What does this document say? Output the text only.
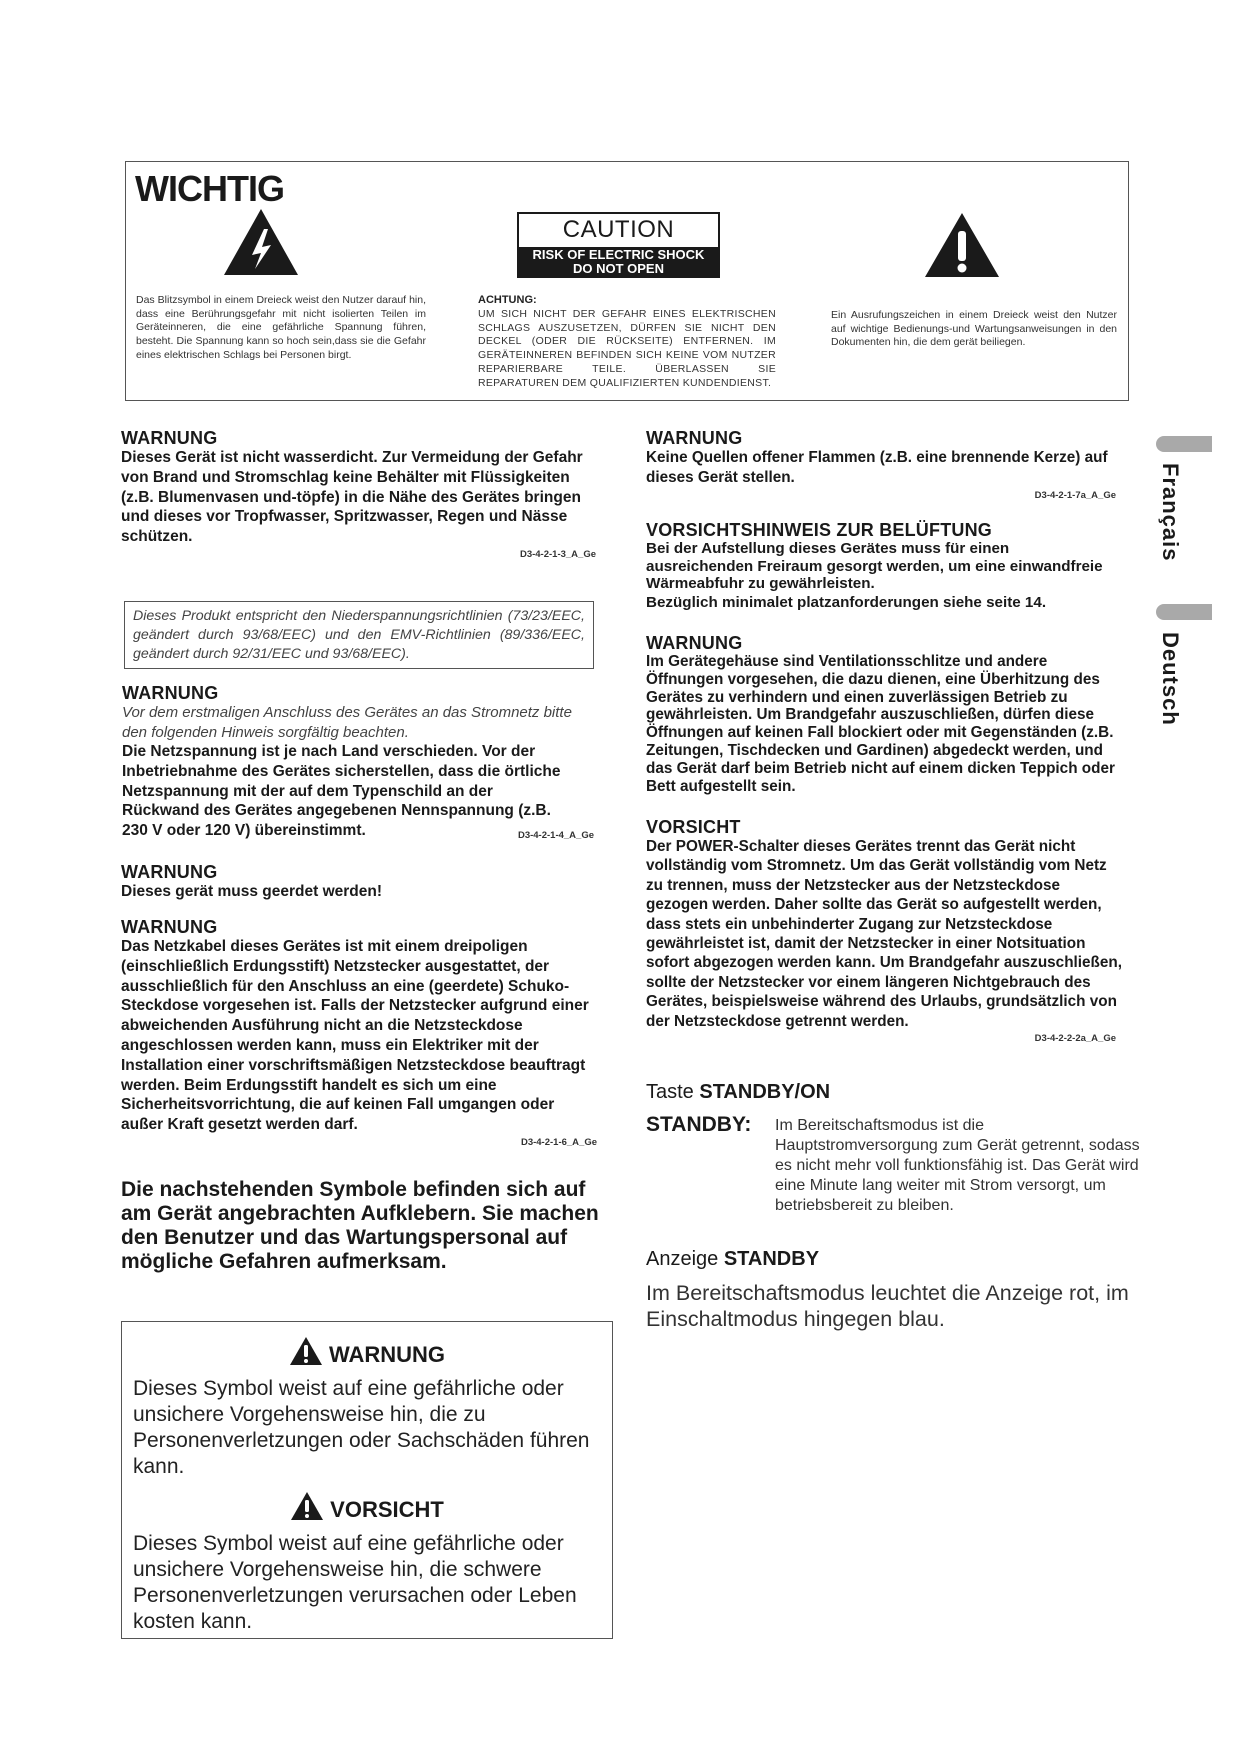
WICHTIG
CAUTION
RISK OF ELECTRIC SHOCK
DO NOT OPEN
Das Blitzsymbol in einem Dreieck weist den Nutzer darauf hin, dass eine Berührungsgefahr mit nicht isolierten Teilen im Geräteinneren, die eine gefährliche Spannung führen, besteht. Die Spannung kann so hoch sein,dass sie die Gefahr eines elektrischen Schlags bei Personen birgt.
ACHTUNG:
UM SICH NICHT DER GEFAHR EINES ELEKTRISCHEN SCHLAGS AUSZUSETZEN, DÜRFEN SIE NICHT DEN DECKEL (ODER DIE RÜCKSEITE) ENTFERNEN. IM GERÄTEINNEREN BEFINDEN SICH KEINE VOM NUTZER REPARIERBARE TEILE. ÜBERLASSEN SIE REPARATUREN DEM QUALIFIZIERTEN KUNDENDIENST.
Ein Ausrufungszeichen in einem Dreieck weist den Nutzer auf wichtige Bedienungs-und Wartungsanweisungen in den Dokumenten hin, die dem gerät beiliegen.

WARNUNG

Dieses Gerät ist nicht wasserdicht. Zur Vermeidung der Gefahr von Brand und Stromschlag keine Behälter mit Flüssigkeiten (z.B. Blumenvasen und-töpfe) in die Nähe des Gerätes bringen und dieses vor Tropfwasser, Spritzwasser, Regen und Nässe schützen.

D3-4-2-1-3_A_Ge

Dieses Produkt entspricht den Niederspannungsrichtlinien (73/23/EEC, geändert durch 93/68/EEC) und den EMV-Richtlinien (89/336/EEC, geändert durch 92/31/EEC und 93/68/EEC).

WARNUNG

Vor dem erstmaligen Anschluss des Gerätes an das Stromnetz bitte den folgenden Hinweis sorgfältig beachten.

Die Netzspannung ist je nach Land verschieden. Vor der Inbetriebnahme des Gerätes sicherstellen, dass die örtliche Netzspannung mit der auf dem Typenschild an der Rückwand des Gerätes angegebenen Nennspannung (z.B. 230 V oder 120 V) übereinstimmt.	D3-4-2-1-4_A_Ge

WARNUNG

Dieses gerät muss geerdet werden!

WARNUNG

Das Netzkabel dieses Gerätes ist mit einem dreipoligen (einschließlich Erdungsstift) Netzstecker ausgestattet, der ausschließlich für den Anschluss an eine (geerdete) Schuko-Steckdose vorgesehen ist. Falls der Netzstecker aufgrund einer abweichenden Ausführung nicht an die Netzsteckdose angeschlossen werden kann, muss ein Elektriker mit der Installation einer vorschriftsmäßigen Netzsteckdose beauftragt werden. Beim Erdungsstift handelt es sich um eine Sicherheitsvorrichtung, die auf keinen Fall umgangen oder außer Kraft gesetzt werden darf.

D3-4-2-1-6_A_Ge

Die nachstehenden Symbole befinden sich auf am Gerät angebrachten Aufklebern. Sie machen den Benutzer und das Wartungspersonal auf mögliche Gefahren aufmerksam.

WARNUNG
Dieses Symbol weist auf eine gefährliche oder unsichere Vorgehensweise hin, die zu Personenverletzungen oder Sachschäden führen kann.
VORSICHT
Dieses Symbol weist auf eine gefährliche oder unsichere Vorgehensweise hin, die schwere Personenverletzungen verursachen oder Leben kosten kann.

WARNUNG

Keine Quellen offener Flammen (z.B. eine brennende Kerze) auf dieses Gerät stellen.

D3-4-2-1-7a_A_Ge

VORSICHTSHINWEIS ZUR BELÜFTUNG

Bei der Aufstellung dieses Gerätes muss für einen ausreichenden Freiraum gesorgt werden, um eine einwandfreie Wärmeabfuhr zu gewährleisten.

Bezüglich minimalet platzanforderungen siehe seite 14.

WARNUNG

Im Gerätegehäuse sind Ventilationsschlitze und andere Öffnungen vorgesehen, die dazu dienen, eine Überhitzung des Gerätes zu verhindern und einen zuverlässigen Betrieb zu gewährleisten. Um Brandgefahr auszuschließen, dürfen diese Öffnungen auf keinen Fall blockiert oder mit Gegenständen (z.B. Zeitungen, Tischdecken und Gardinen) abgedeckt werden, und das Gerät darf beim Betrieb nicht auf einem dicken Teppich oder Bett aufgestellt sein.

VORSICHT

Der POWER-Schalter dieses Gerätes trennt das Gerät nicht vollständig vom Stromnetz. Um das Gerät vollständig vom Netz zu trennen, muss der Netzstecker aus der Netzsteckdose gezogen werden. Daher sollte das Gerät so aufgestellt werden, dass stets ein unbehinderter Zugang zur Netzsteckdose gewährleistet ist, damit der Netzstecker in einer Notsituation sofort abgezogen werden kann. Um Brandgefahr auszuschließen, sollte der Netzstecker vor einem längeren Nichtgebrauch des Gerätes, beispielsweise während des Urlaubs, grundsätzlich von der Netzsteckdose getrennt werden.

D3-4-2-2-2a_A_Ge

Taste STANDBY/ON
STANDBY: Im Bereitschaftsmodus ist die Hauptstromversorgung zum Gerät getrennt, sodass es nicht mehr voll funktionsfähig ist. Das Gerät wird eine Minute lang weiter mit Strom versorgt, um betriebsbereit zu bleiben.
Anzeige STANDBY
Im Bereitschaftsmodus leuchtet die Anzeige rot, im Einschaltmodus hingegen blau.
Français
Deutsch
